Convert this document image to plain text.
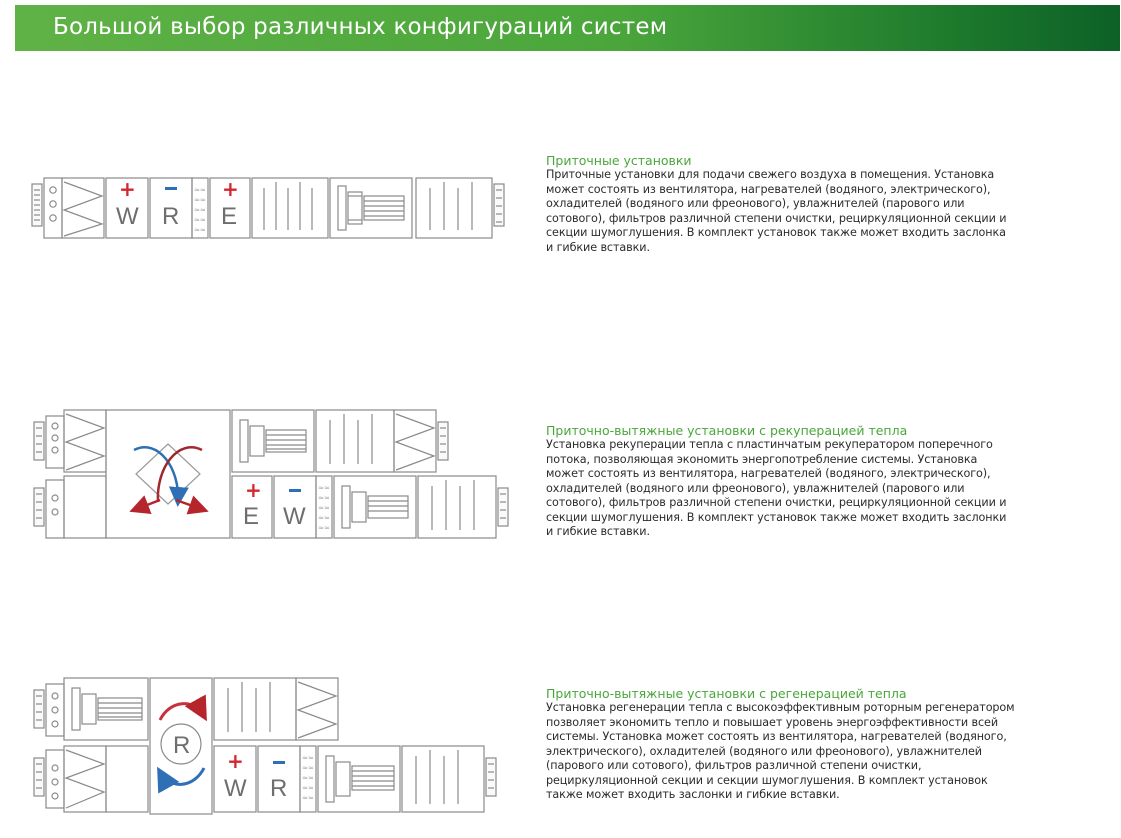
Большой выбор различных конфигураций систем
≈≈
≈≈
≈≈
≈≈
≈≈
+
W R
+
E
Приточные установки
Приточные установки для подачи свежего воздуха в помещения. Установка может состоять из вентилятора, нагревателей (водяного, электрического), охладителей (водяного или фреонового), увлажнителей (парового или сотового), фильтров различной степени очистки, рециркуляционной секции и секции шумоглушения. В комплект установок также может входить заслонка и гибкие вставки.
≈≈
≈≈
≈≈
≈≈
≈≈
+
E W
Приточно-вытяжные установки с рекуперацией тепла
Установка рекуперации тепла с пластинчатым рекуператором поперечного потока, позволяющая экономить энергопотребление системы. Установка может состоять из вентилятора, нагревателей (водяного, электрического), охладителей (водяного или фреонового), увлажнителей (парового или сотового), фильтров различной степени очистки, рециркуляционной секции и секции шумоглушения. В комплект установок также может входить заслонки и гибкие вставки.
≈≈
≈≈
≈≈
≈≈
≈≈
R
+
W R
Приточно-вытяжные установки с регенерацией тепла
Установка регенерации тепла с высокоэффективным роторным регенератором позволяет экономить тепло и повышает уровень энергоэффективности всей системы. Установка может состоять из вентилятора, нагревателей (водяного, электрического), охладителей (водяного или фреонового), увлажнителей (парового или сотового), фильтров различной степени очистки, рециркуляционной секции и секции шумоглушения. В комплект установок также может входить заслонки и гибкие вставки.
